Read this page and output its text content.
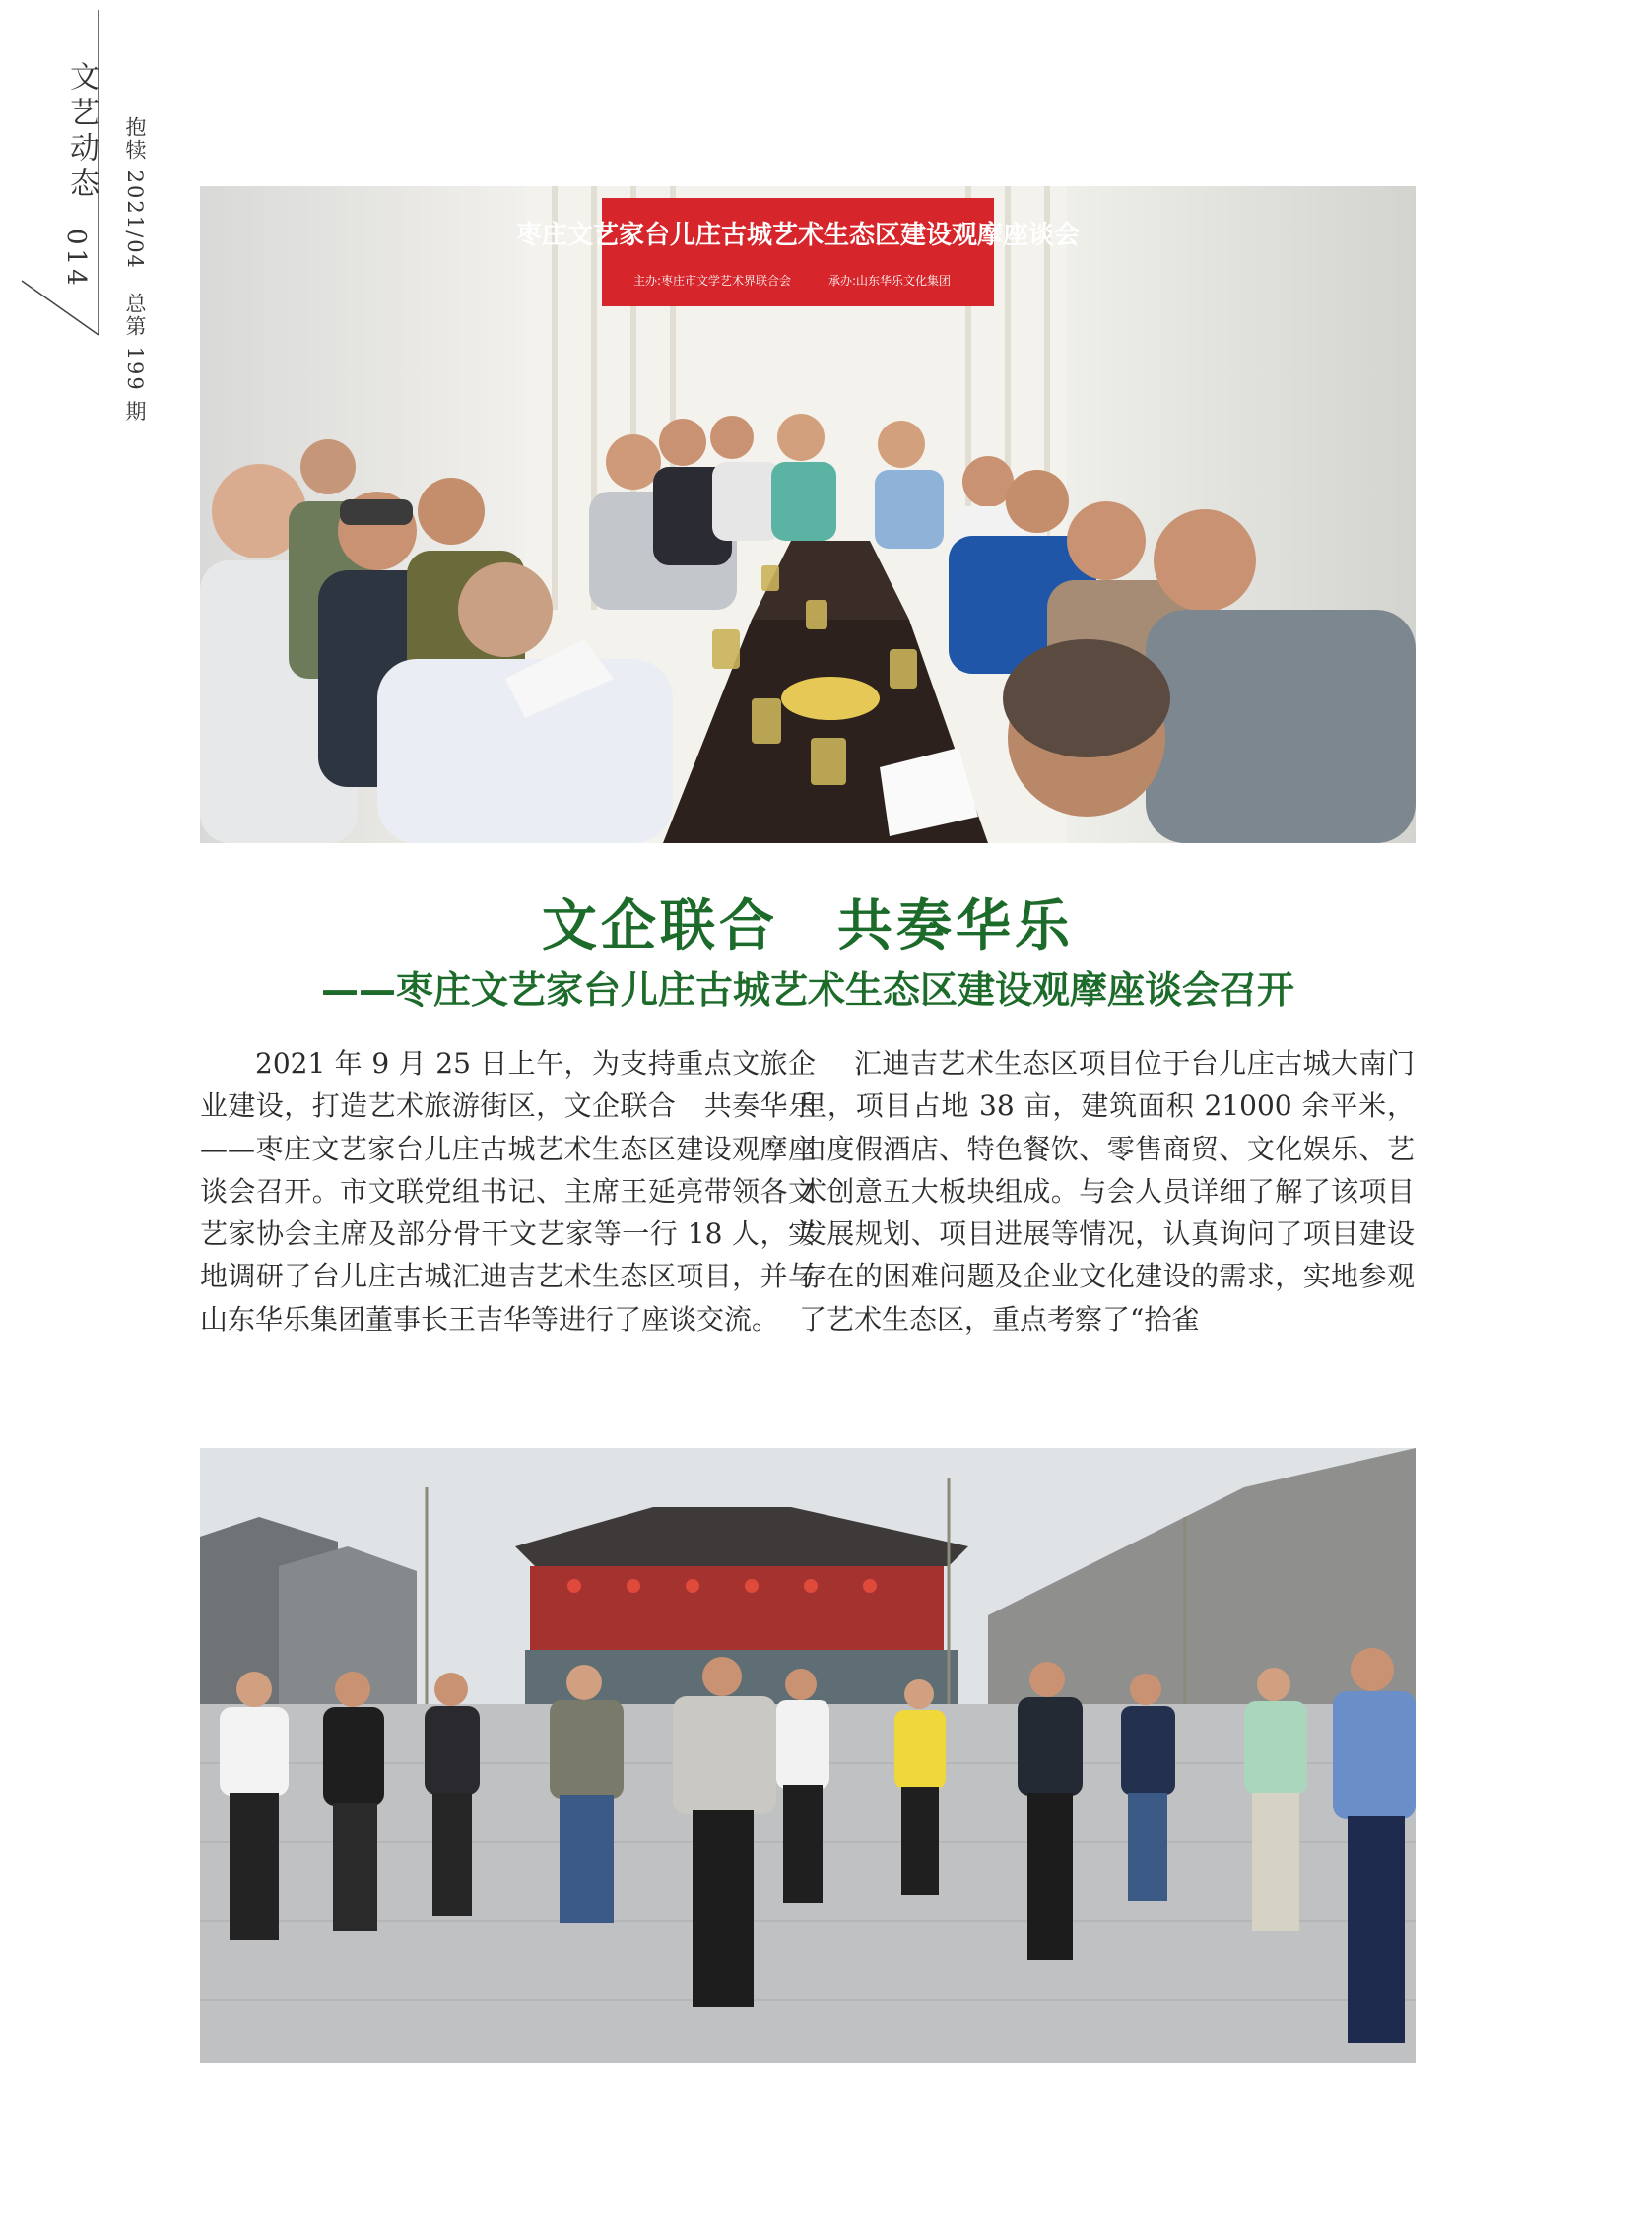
文艺动态
014 抱犊 2021/04　总第 199 期	枣庄文艺家台儿庄古城艺术生态区建设观摩座谈会
主办:枣庄市文学艺术界联合会	承办:山东华乐文化集团
文企联合　共奏华乐
——枣庄文艺家台儿庄古城艺术生态区建设观摩座谈会召开

2021 年 9 月 25 日上午，为支持重点文旅企业建设，打造艺术旅游街区，文企联合　共奏华乐——枣庄文艺家台儿庄古城艺术生态区建设观摩座谈会召开。市文联党组书记、主席王延亮带领各文艺家协会主席及部分骨干文艺家等一行 18 人，实地调研了台儿庄古城汇迪吉艺术生态区项目，并与山东华乐集团董事长王吉华等进行了座谈交流。

汇迪吉艺术生态区项目位于台儿庄古城大南门里，项目占地 38 亩，建筑面积 21000 余平米，由度假酒店、特色餐饮、零售商贸、文化娱乐、艺术创意五大板块组成。与会人员详细了解了该项目发展规划、项目进展等情况，认真询问了项目建设存在的困难问题及企业文化建设的需求，实地参观了艺术生态区，重点考察了“拾雀
